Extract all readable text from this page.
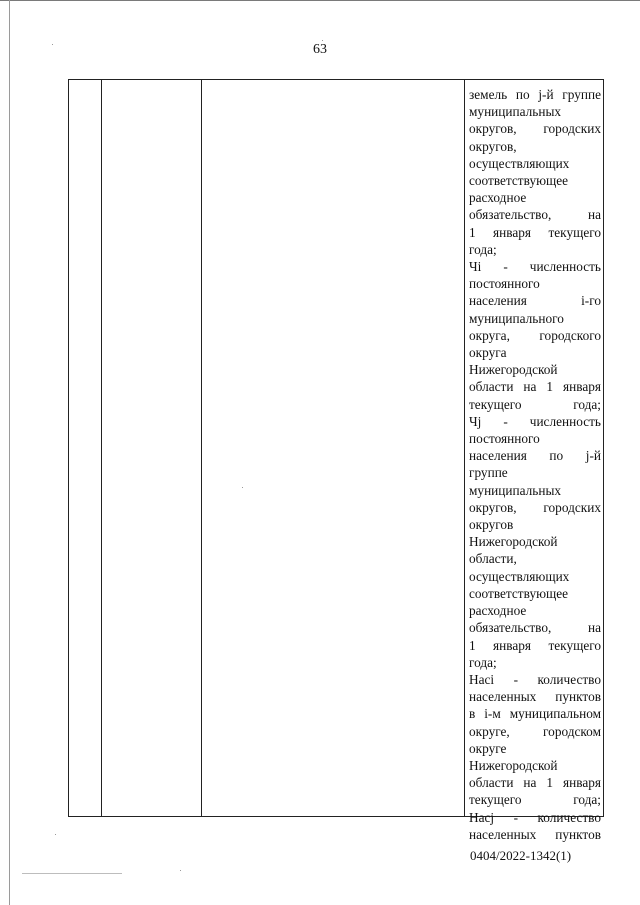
63
земель по j-й группе
муниципальных
округов, городских
округов,
осуществляющих
соответствующее
расходное
обязательство, на
1 января текущего
года;
Чi - численность
постоянного
населения i-го
муниципального
округа, городского
округа
Нижегородской
области на 1 января
текущего года;
Чj - численность
постоянного
населения по j-й
группе
муниципальных
округов, городских
округов
Нижегородской
области,
осуществляющих
соответствующее
расходное
обязательство, на
1 января текущего
года;
Насi - количество
населенных пунктов
в i-м муниципальном
округе, городском
округе
Нижегородской
области на 1 января
текущего года;
Насj - количество
населенных пунктов
0404/2022-1342(1)
